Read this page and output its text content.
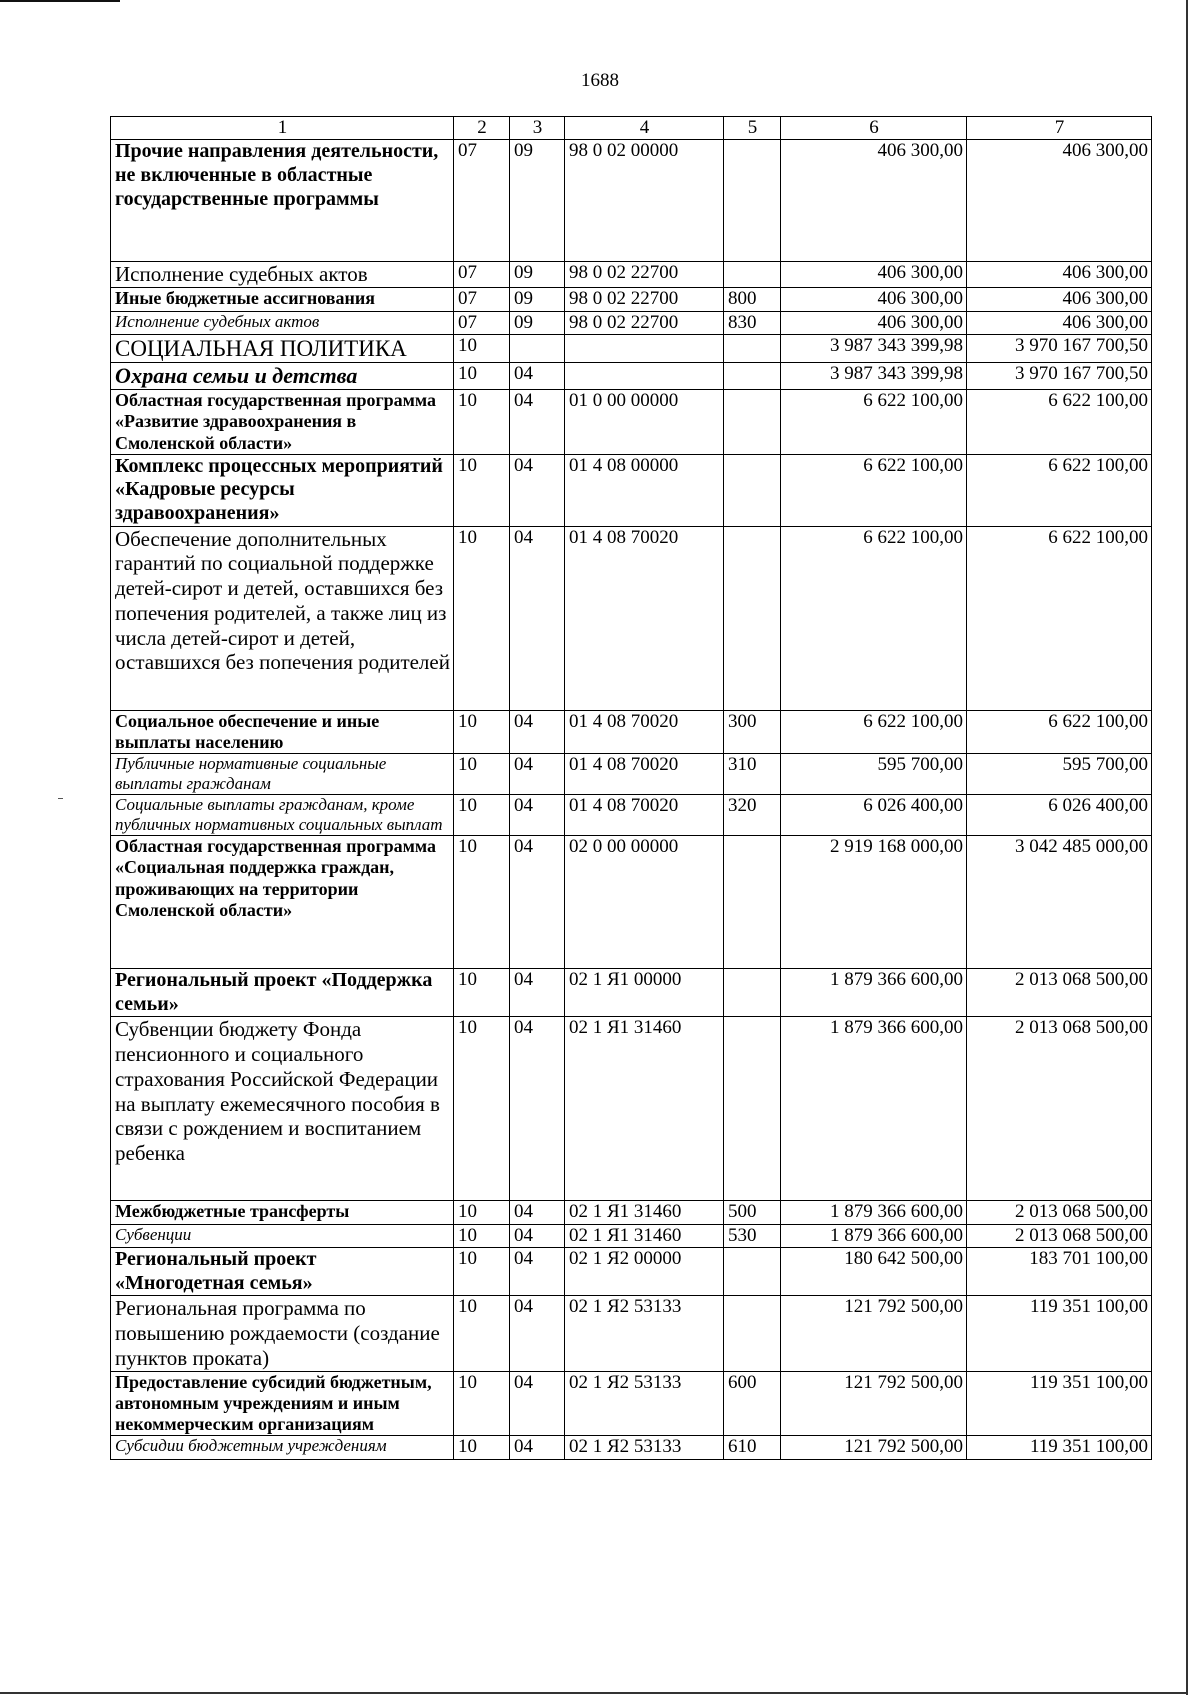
1688
1	2	3	4	5	6	7
Прочие направления деятельности, не включенные в областные государственные программы	07	09	98 0 02 00000		406 300,00	406 300,00
Исполнение судебных актов	07	09	98 0 02 22700		406 300,00	406 300,00
Иные бюджетные ассигнования	07	09	98 0 02 22700	800	406 300,00	406 300,00
Исполнение судебных актов	07	09	98 0 02 22700	830	406 300,00	406 300,00
СОЦИАЛЬНАЯ ПОЛИТИКА	10				3 987 343 399,98	3 970 167 700,50
Охрана семьи и детства	10	04			3 987 343 399,98	3 970 167 700,50
Областная государственная программа «Развитие здравоохранения в Смоленской области»	10	04	01 0 00 00000		6 622 100,00	6 622 100,00
Комплекс процессных мероприятий «Кадровые ресурсы здравоохранения»	10	04	01 4 08 00000		6 622 100,00	6 622 100,00
Обеспечение дополнительных гарантий по социальной поддержке детей-сирот и детей, оставшихся без попечения родителей, а также лиц из числа детей-сирот и детей, оставшихся без попечения родителей	10	04	01 4 08 70020		6 622 100,00	6 622 100,00
Социальное обеспечение и иные выплаты населению	10	04	01 4 08 70020	300	6 622 100,00	6 622 100,00
Публичные нормативные социальные выплаты гражданам	10	04	01 4 08 70020	310	595 700,00	595 700,00
Социальные выплаты гражданам, кроме публичных нормативных социальных выплат	10	04	01 4 08 70020	320	6 026 400,00	6 026 400,00
Областная государственная программа «Социальная поддержка граждан, проживающих на территории Смоленской области»	10	04	02 0 00 00000		2 919 168 000,00	3 042 485 000,00
Региональный проект «Поддержка семьи»	10	04	02 1 Я1 00000		1 879 366 600,00	2 013 068 500,00
Субвенции бюджету Фонда пенсионного и социального страхования Российской Федерации на выплату ежемесячного пособия в связи с рождением и воспитанием ребенка	10	04	02 1 Я1 31460		1 879 366 600,00	2 013 068 500,00
Межбюджетные трансферты	10	04	02 1 Я1 31460	500	1 879 366 600,00	2 013 068 500,00
Субвенции	10	04	02 1 Я1 31460	530	1 879 366 600,00	2 013 068 500,00
Региональный проект «Многодетная семья»	10	04	02 1 Я2 00000		180 642 500,00	183 701 100,00
Региональная программа по повышению рождаемости (создание пунктов проката)	10	04	02 1 Я2 53133		121 792 500,00	119 351 100,00
Предоставление субсидий бюджетным, автономным учреждениям и иным некоммерческим организациям	10	04	02 1 Я2 53133	600	121 792 500,00	119 351 100,00
Субсидии бюджетным учреждениям	10	04	02 1 Я2 53133	610	121 792 500,00	119 351 100,00
